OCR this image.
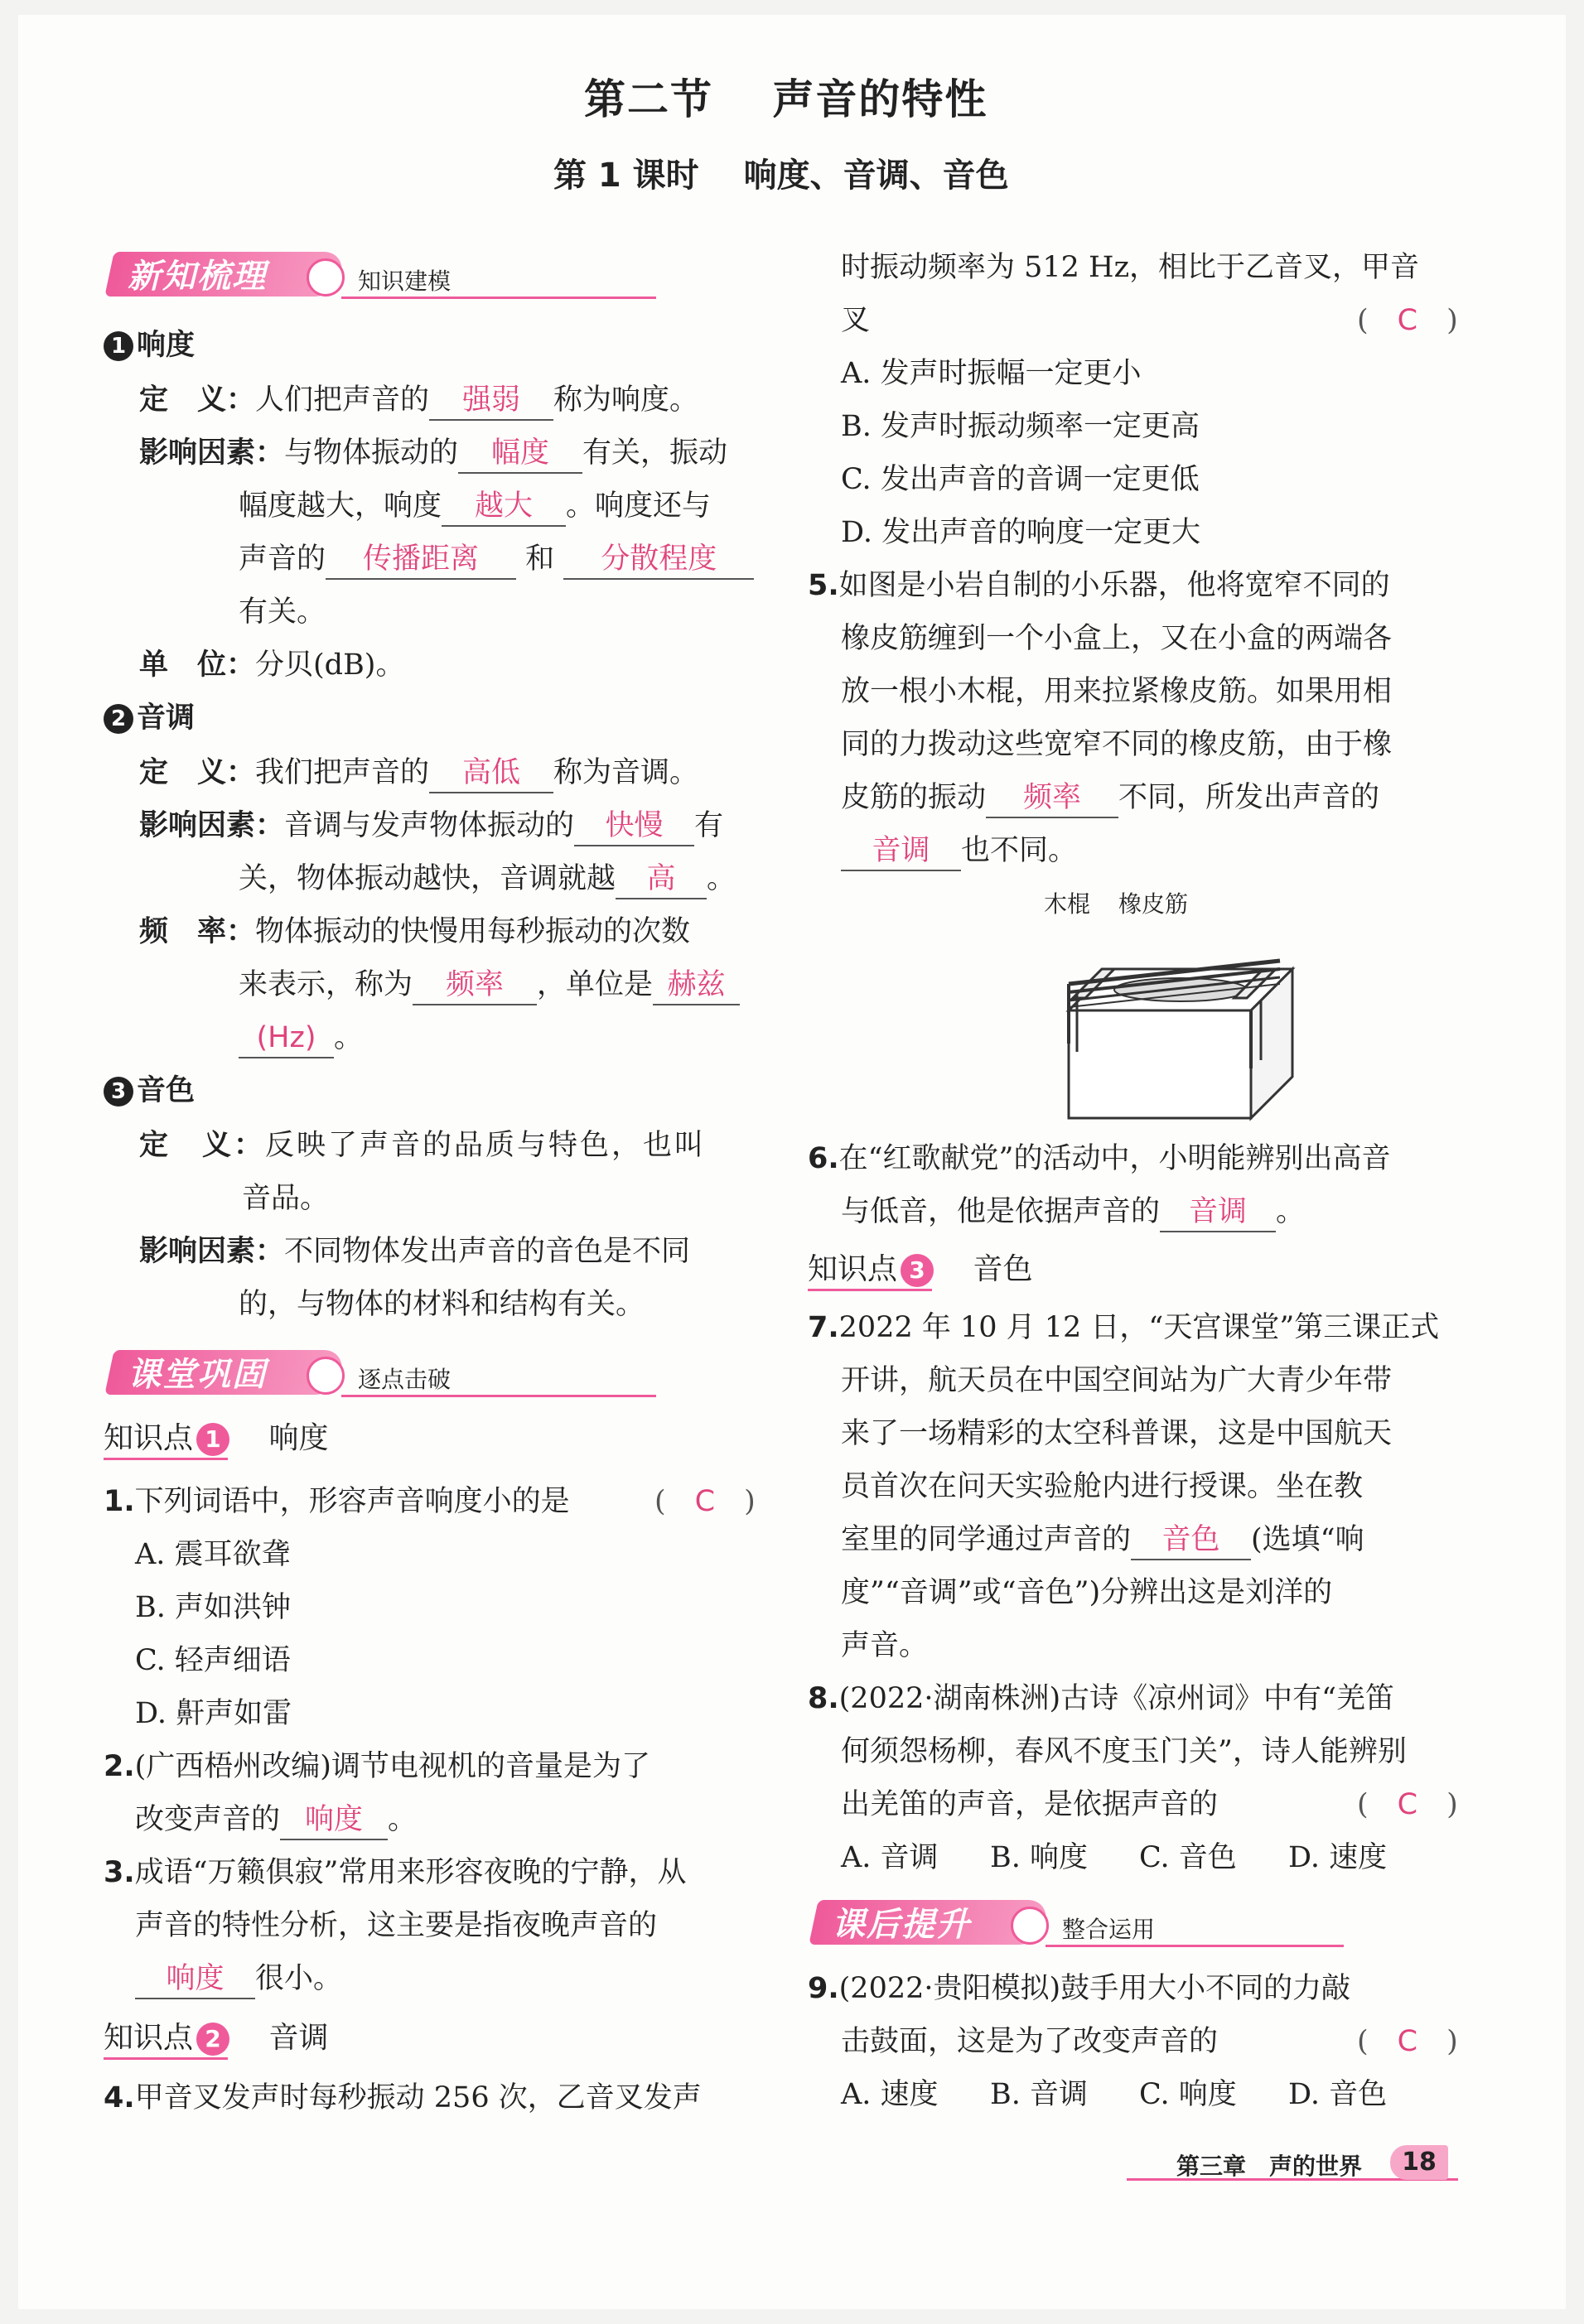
第二节　 声音的特性
第 1 课时　 响度、音调、音色
新知梳理	知识建模
1 响度
定　义：人们把声音的 强弱 称为响度。
影响因素：与物体振动的 幅度 有关，振动
幅度越大，响度 越大 。响度还与
声音的 传播距离 和 分散程度
有关。
单　位：分贝(dB)。
2 音调
定　义：我们把声音的 高低 称为音调。
影响因素：音调与发声物体振动的 快慢 有
关，物体振动越快，音调就越 高 。
频　率：物体振动的快慢用每秒振动的次数
来表示，称为 频率 ，单位是 赫兹
(Hz) 。
3 音色
定　义：反映了声音的品质与特色，也叫
音品。
影响因素：不同物体发出声音的音色是不同
的，与物体的材料和结构有关。
课堂巩固	逐点击破
知识点 1 响度
1.下列词语中，形容声音响度小的是	(　C　)
A. 震耳欲聋
B. 声如洪钟
C. 轻声细语
D. 鼾声如雷
2.(广西梧州改编)调节电视机的音量是为了
改变声音的 响度 。
3.成语“万籁俱寂”常用来形容夜晚的宁静，从
声音的特性分析，这主要是指夜晚声音的
响度 很小。
知识点 2 音调
4.甲音叉发声时每秒振动 256 次，乙音叉发声
时振动频率为 512 Hz，相比于乙音叉，甲音
叉	(　C　)
A. 发声时振幅一定更小
B. 发声时振动频率一定更高
C. 发出声音的音调一定更低
D. 发出声音的响度一定更大
5.如图是小岩自制的小乐器，他将宽窄不同的
橡皮筋缠到一个小盒上，又在小盒的两端各
放一根小木棍，用来拉紧橡皮筋。如果用相
同的力拨动这些宽窄不同的橡皮筋，由于橡
皮筋的振动 频率 不同，所发出声音的
音调 也不同。
木棍 橡皮筋
6.在“红歌献党”的活动中，小明能辨别出高音
与低音，他是依据声音的 音调 。
知识点 3 音色
7.2022 年 10 月 12 日，“天宫课堂”第三课正式
开讲，航天员在中国空间站为广大青少年带
来了一场精彩的太空科普课，这是中国航天
员首次在问天实验舱内进行授课。坐在教
室里的同学通过声音的 音色 (选填“响
度”“音调”或“音色”)分辨出这是刘洋的
声音。
8.(2022·湖南株洲)古诗《凉州词》中有“羌笛
何须怨杨柳，春风不度玉门关”，诗人能辨别
出羌笛的声音，是依据声音的	(　C　)
A. 音调 B. 响度 C. 音色 D. 速度
课后提升	整合运用
9.(2022·贵阳模拟)鼓手用大小不同的力敲
击鼓面，这是为了改变声音的	(　C　)
A. 速度 B. 音调 C. 响度 D. 音色
第三章　 声的世界	18
